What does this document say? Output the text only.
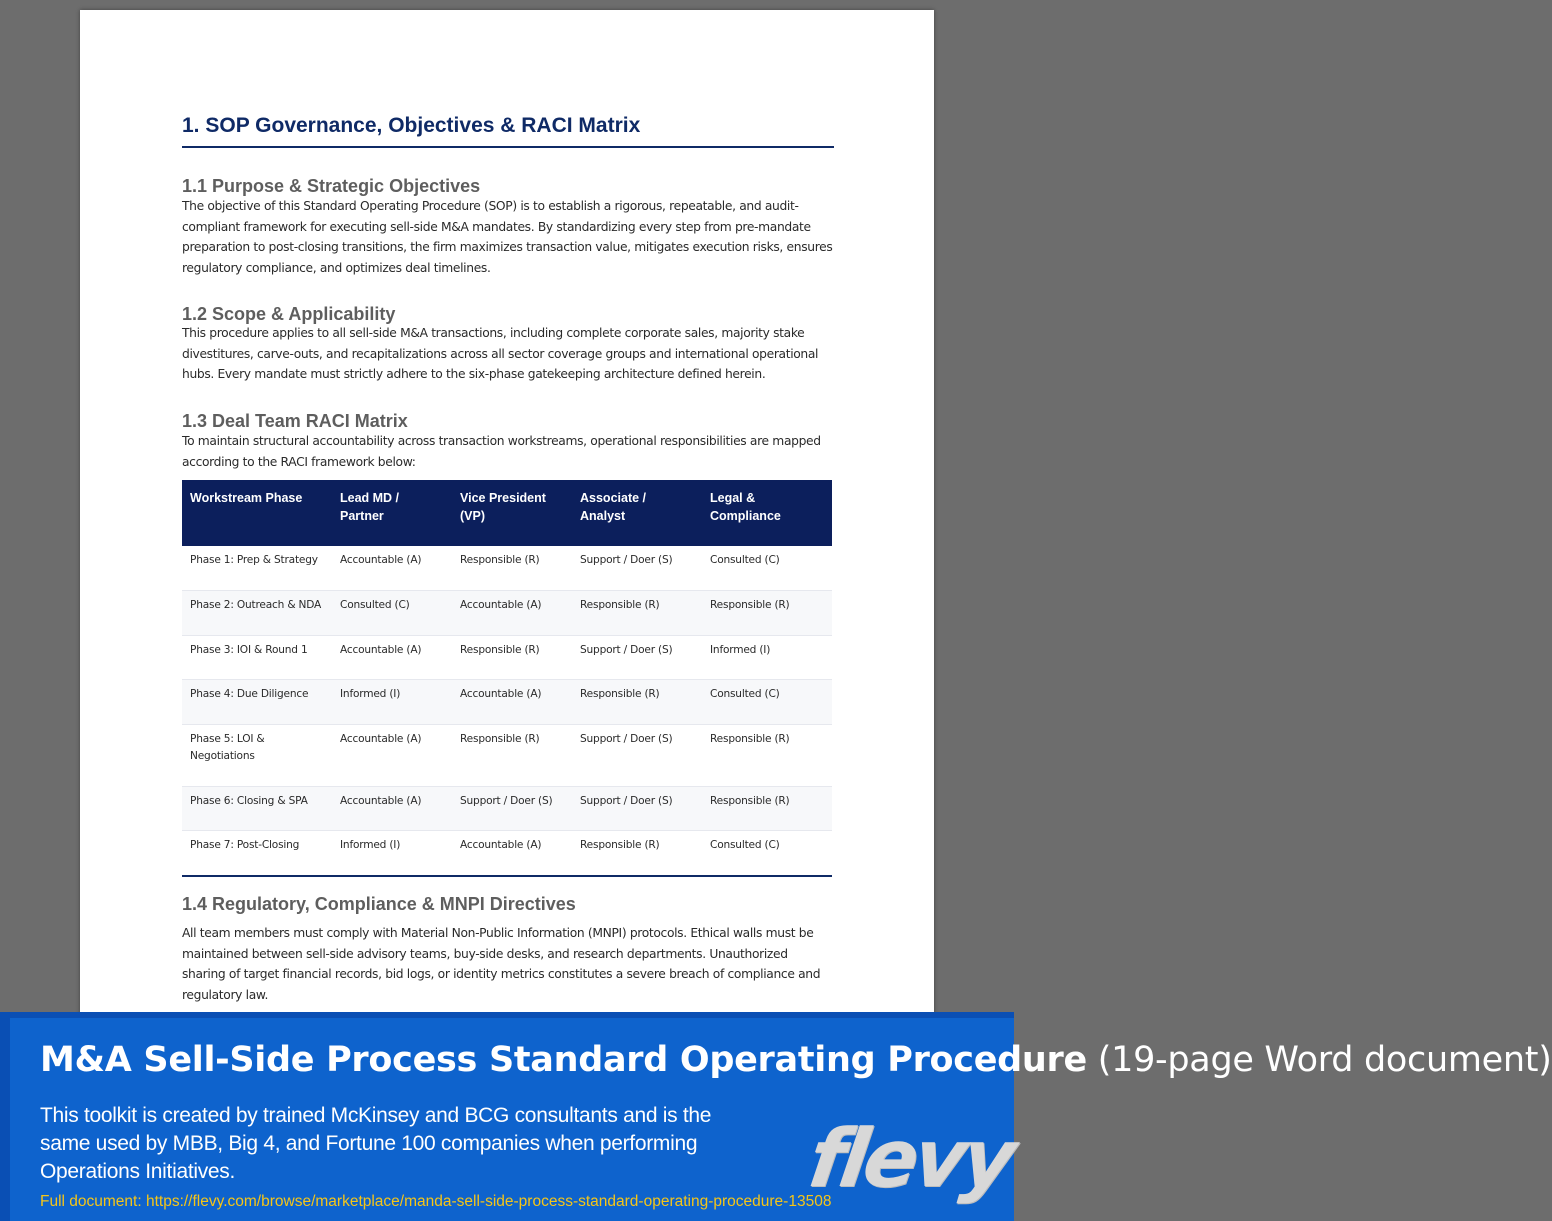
1. SOP Governance, Objectives & RACI Matrix
1.1 Purpose & Strategic Objectives

The objective of this Standard Operating Procedure (SOP) is to establish a rigorous, repeatable, and audit-compliant framework for executing sell-side M&A mandates. By standardizing every step from pre-mandate preparation to post-closing transitions, the firm maximizes transaction value, mitigates execution risks, ensures regulatory compliance, and optimizes deal timelines.

1.2 Scope & Applicability

This procedure applies to all sell-side M&A transactions, including complete corporate sales, majority stake divestitures, carve-outs, and recapitalizations across all sector coverage groups and international operational hubs. Every mandate must strictly adhere to the six-phase gatekeeping architecture defined herein.

1.3 Deal Team RACI Matrix

To maintain structural accountability across transaction workstreams, operational responsibilities are mapped according to the RACI framework below:

Workstream Phase	Lead MD / Partner	Vice President (VP)	Associate / Analyst	Legal & Compliance
Phase 1: Prep & Strategy	Accountable (A)	Responsible (R)	Support / Doer (S)	Consulted (C)
Phase 2: Outreach & NDA	Consulted (C)	Accountable (A)	Responsible (R)	Responsible (R)
Phase 3: IOI & Round 1	Accountable (A)	Responsible (R)	Support / Doer (S)	Informed (I)
Phase 4: Due Diligence	Informed (I)	Accountable (A)	Responsible (R)	Consulted (C)
Phase 5: LOI & Negotiations	Accountable (A)	Responsible (R)	Support / Doer (S)	Responsible (R)
Phase 6: Closing & SPA	Accountable (A)	Support / Doer (S)	Support / Doer (S)	Responsible (R)
Phase 7: Post-Closing	Informed (I)	Accountable (A)	Responsible (R)	Consulted (C)
1.4 Regulatory, Compliance & MNPI Directives

All team members must comply with Material Non-Public Information (MNPI) protocols. Ethical walls must be maintained between sell-side advisory teams, buy-side desks, and research departments. Unauthorized sharing of target financial records, bid logs, or identity metrics constitutes a severe breach of compliance and regulatory law.

M&A Sell-Side Process Standard Operating Procedure (19-page Word document)

This toolkit is created by trained McKinsey and BCG consultants and is the same used by MBB, Big 4, and Fortune 100 companies when performing Operations Initiatives.

Full document: https://flevy.com/browse/marketplace/manda-sell-side-process-standard-operating-procedure-13508
flevy
